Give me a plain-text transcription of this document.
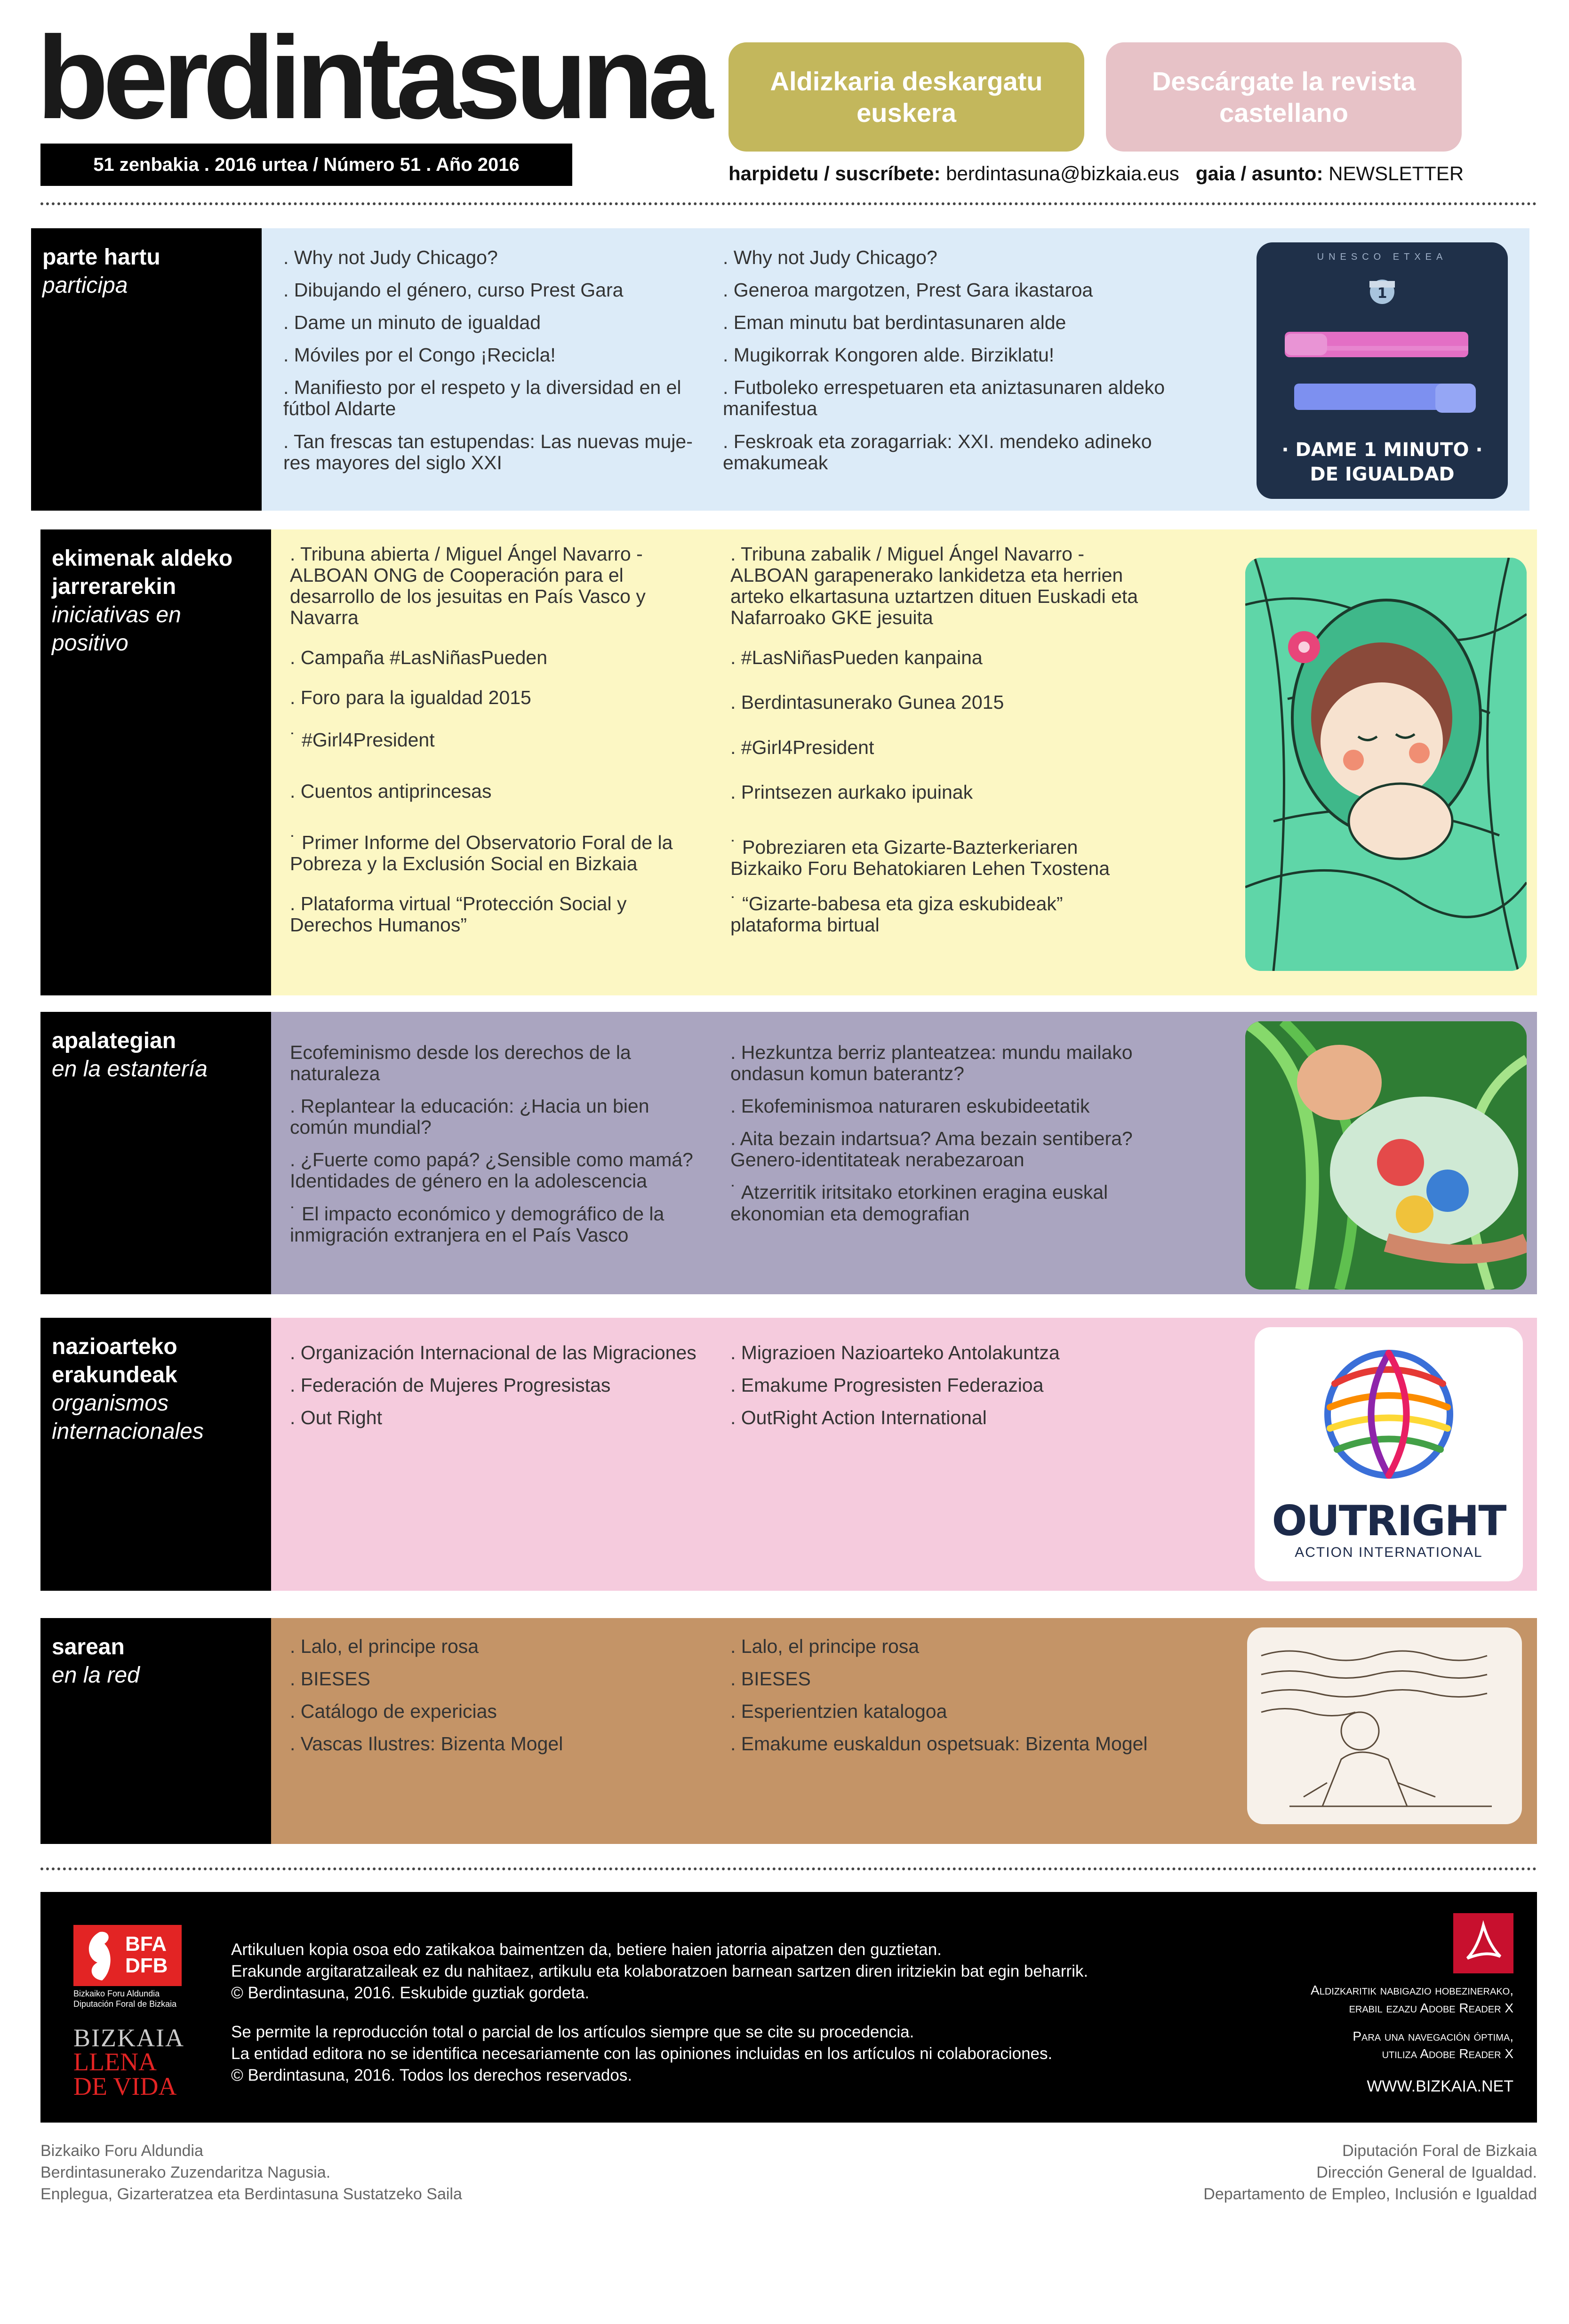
berdintasuna
51 zenbakia . 2016 urtea / Número 51 . Año 2016
Aldizkaria deskargatu euskera
Descárgate la revista castellano
harpidetu / suscríbete: berdintasuna@bizkaia.eus gaia / asunto: NEWSLETTER
parte hartu
participa
. Why not Judy Chicago?
. Dibujando el género, curso Prest Gara
. Dame un minuto de igualdad
. Móviles por el Congo ¡Recicla!
. Manifiesto por el respeto y la diversidad en el fútbol Aldarte
. Tan frescas tan estupendas: Las nuevas muje-res mayores del siglo XXI
. Why not Judy Chicago?
. Generoa margotzen, Prest Gara ikastaroa
. Eman minutu bat berdintasunaren alde
. Mugikorrak Kongoren alde. Birziklatu!
. Futboleko errespetuaren eta aniztasunaren aldeko manifestua
. Feskroak eta zoragarriak: XXI. mendeko adineko emakumeak
UNESCO ETXEA
1
· DAME 1 MINUTO ·
DE IGUALDAD
ekimenak aldeko jarrerarekin
iniciativas en positivo
. Tribuna abierta / Miguel Ángel Navarro - ALBOAN ONG de Cooperación para el desarrollo de los jesuitas en País Vasco y Navarra
. Campaña #LasNiñasPueden
. Foro para la igualdad 2015
˙ #Girl4President
. Cuentos antiprincesas
˙ Primer Informe del Observatorio Foral de la Pobreza y la Exclusión Social en Bizkaia
. Plataforma virtual “Protección Social y Derechos Humanos”
. Tribuna zabalik / Miguel Ángel Navarro - ALBOAN garapenerako lankidetza eta herrien arteko elkartasuna uztartzen dituen Euskadi eta Nafarroako GKE jesuita
. #LasNiñasPueden kanpaina
. Berdintasunerako Gunea 2015
. #Girl4President
. Printsezen aurkako ipuinak
˙ Pobreziaren eta Gizarte-Bazterkeriaren Bizkaiko Foru Behatokiaren Lehen Txostena
˙ “Gizarte-babesa eta giza eskubideak” plataforma birtual
apalategian
en la estantería
Ecofeminismo desde los derechos de la naturaleza
. Replantear la educación: ¿Hacia un bien común mundial?
. ¿Fuerte como papá? ¿Sensible como mamá? Identidades de género en la adolescencia
˙ El impacto económico y demográfico de la inmigración extranjera en el País Vasco
. Hezkuntza berriz planteatzea: mundu mailako ondasun komun baterantz?
. Ekofeminismoa naturaren eskubideetatik
. Aita bezain indartsua? Ama bezain sentibera? Genero-identitateak nerabezaroan
˙ Atzerritik iritsitako etorkinen eragina euskal ekonomian eta demografian
nazioarteko erakundeak
organismos internacionales
. Organización Internacional de las Migraciones
. Federación de Mujeres Progresistas
. Out Right
. Migrazioen Nazioarteko Antolakuntza
. Emakume Progresisten Federazioa
. OutRight Action International
OUTRIGHT
ACTION INTERNATIONAL
sarean
en la red
. Lalo, el principe rosa
. BIESES
. Catálogo de expericias
. Vascas Ilustres: Bizenta Mogel
. Lalo, el principe rosa
. BIESES
. Esperientzien katalogoa
. Emakume euskaldun ospetsuak: Bizenta Mogel
BFA
DFB
Bizkaiko Foru Aldundia
Diputación Foral de Bizkaia
BIZKAIA
LLENA
DE VIDA

Artikuluen kopia osoa edo zatikakoa baimentzen da, betiere haien jatorria aipatzen den guztietan.
Erakunde argitaratzaileak ez du nahitaez, artikulu eta kolaboratzoen barnean sartzen diren iritziekin bat egin beharrik.
© Berdintasuna, 2016. Eskubide guztiak gordeta.

Se permite la reproducción total o parcial de los artículos siempre que se cite su procedencia.
La entidad editora no se identifica necesariamente con las opiniones incluidas en los artículos ni colaboraciones.
© Berdintasuna, 2016. Todos los derechos reservados.

Aldizkaritik nabigazio hobezinerako,
erabil ezazu Adobe Reader X
Para una navegación óptima,
utiliza Adobe Reader X
WWW.BIZKAIA.NET
Bizkaiko Foru Aldundia
Berdintasunerako Zuzendaritza Nagusia.
Enplegua, Gizarteratzea eta Berdintasuna Sustatzeko Saila
Diputación Foral de Bizkaia
Dirección General de Igualdad.
Departamento de Empleo, Inclusión e Igualdad
